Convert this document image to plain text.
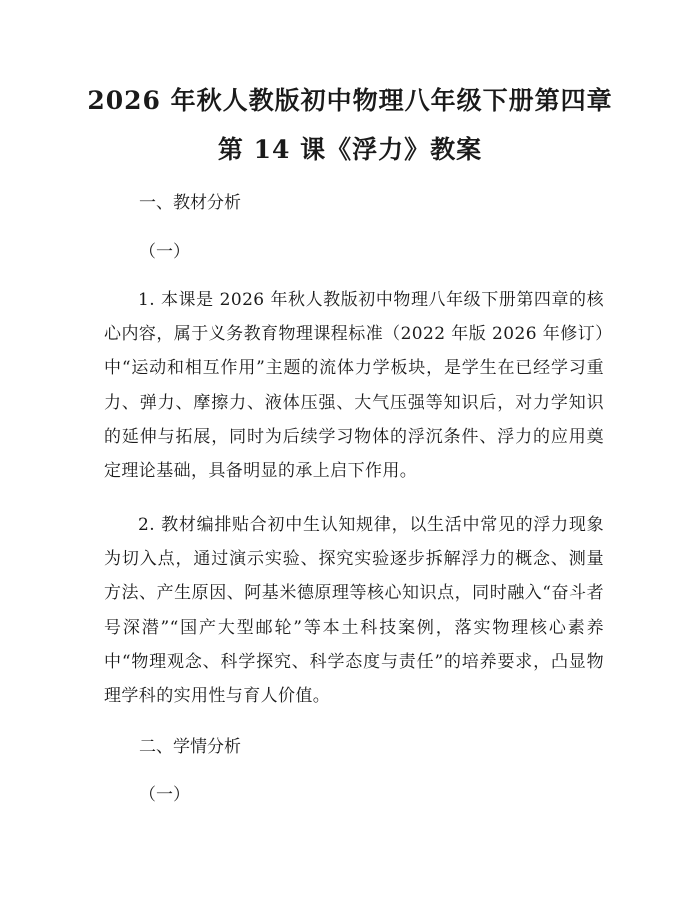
2026 年秋人教版初中物理八年级下册第四章
第 14 课《浮力》教案
一、教材分析
（一）
1. 本课是 2026 年秋人教版初中物理八年级下册第四章的核心内容，属于义务教育物理课程标准（2022 年版 2026 年修订）中“运动和相互作用”主题的流体力学板块，是学生在已经学习重力、弹力、摩擦力、液体压强、大气压强等知识后，对力学知识的延伸与拓展，同时为后续学习物体的浮沉条件、浮力的应用奠定理论基础，具备明显的承上启下作用。
2. 教材编排贴合初中生认知规律，以生活中常见的浮力现象为切入点，通过演示实验、探究实验逐步拆解浮力的概念、测量方法、产生原因、阿基米德原理等核心知识点，同时融入“奋斗者号深潜”“国产大型邮轮”等本土科技案例，落实物理核心素养中“物理观念、科学探究、科学态度与责任”的培养要求，凸显物理学科的实用性与育人价值。
二、学情分析
（一）
